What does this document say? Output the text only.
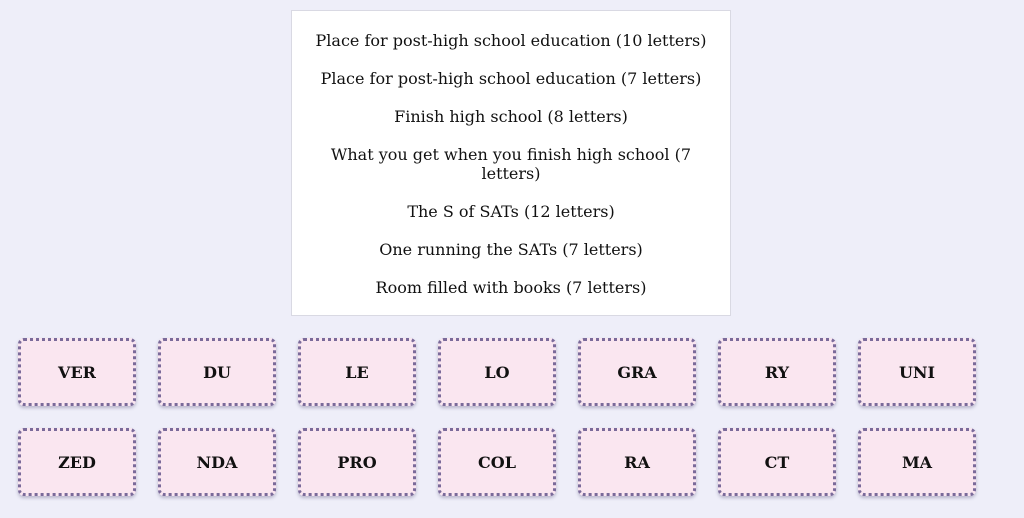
Place for post-high school education (10 letters)

Place for post-high school education (7 letters)

Finish high school (8 letters)

What you get when you finish high school (7 letters)

The S of SATs (12 letters)

One running the SATs (7 letters)

Room filled with books (7 letters)

VER	DU	LE	LO	GRA	RY	UNI
ZED	NDA	PRO	COL	RA	CT	MA
